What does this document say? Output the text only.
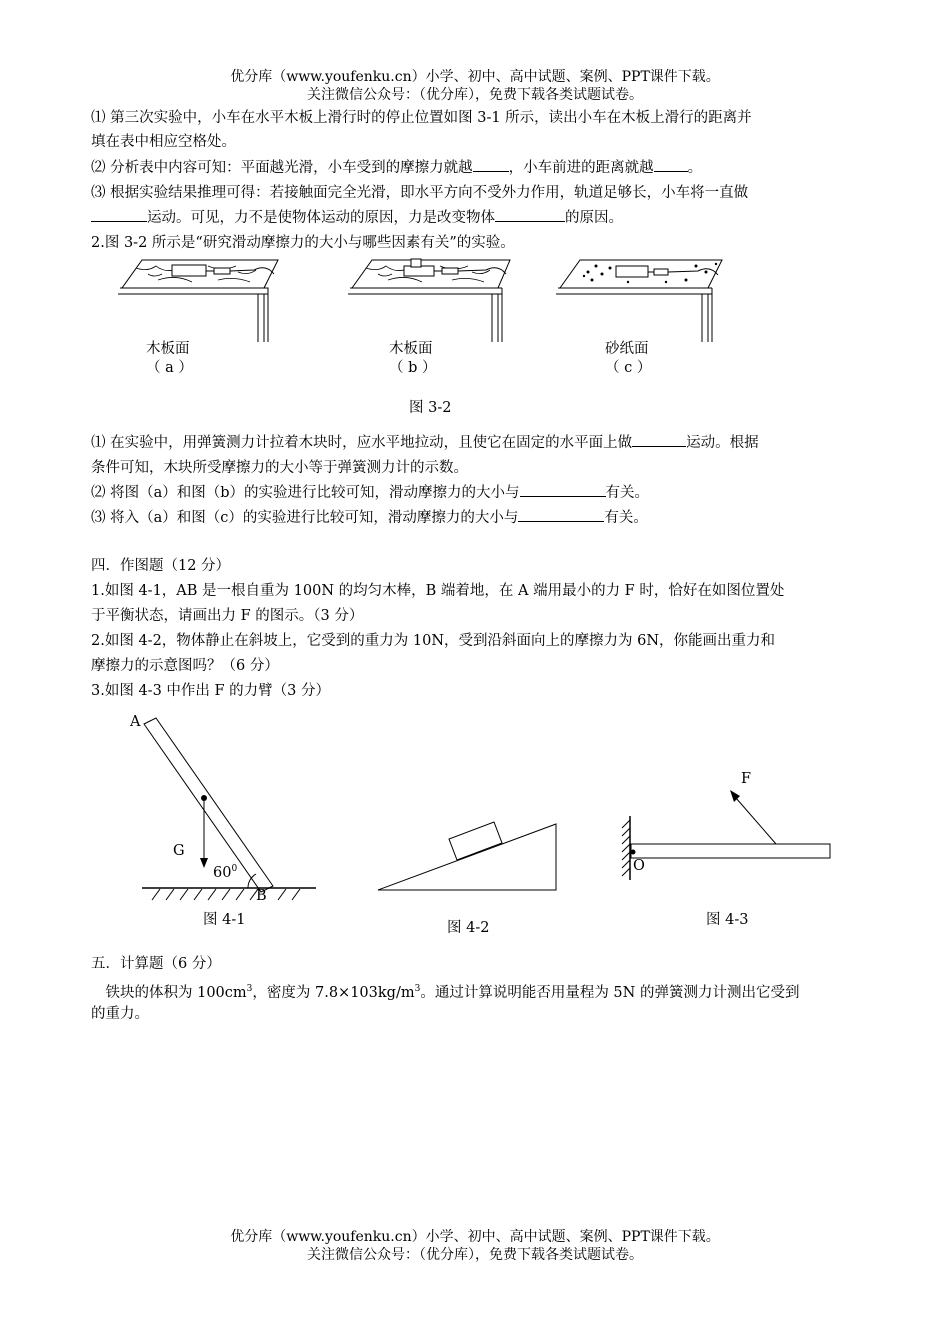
优分库（www.youfenku.cn）小学、初中、高中试题、案例、PPT课件下载。
关注微信公众号：（优分库），免费下载各类试题试卷。
⑴ 第三次实验中，小车在水平木板上滑行时的停止位置如图 3-1 所示，读出小车在木板上滑行的距离并
填在表中相应空格处。
⑵ 分析表中内容可知：平面越光滑，小车受到的摩擦力就越 ，小车前进的距离就越 。
⑶ 根据实验结果推理可得：若接触面完全光滑，即水平方向不受外力作用，轨道足够长，小车将一直做
运动。可见，力不是使物体运动的原因，力是改变物体	的原因。
2.图 3-2 所示是“研究滑动摩擦力的大小与哪些因素有关”的实验。
木板面
（ a ）
木板面
（ b ）
砂纸面
（ c ）
图 3-2
⑴ 在实验中，用弹簧测力计拉着木块时，应水平地拉动，且使它在固定的水平面上做	运动。根据
条件可知，木块所受摩擦力的大小等于弹簧测力计的示数。
⑵ 将图（a）和图（b）的实验进行比较可知，滑动摩擦力的大小与	有关。
⑶ 将入（a）和图（c）的实验进行比较可知，滑动摩擦力的大小与	有关。
四．作图题（12 分）
1.如图 4-1，AB 是一根自重为 100N 的均匀木棒，B 端着地，在 A 端用最小的力 F 时，恰好在如图位置处
于平衡状态，请画出力 F 的图示。（3 分）
2.如图 4-2，物体静止在斜坡上，它受到的重力为 10N，受到沿斜面向上的摩擦力为 6N，你能画出重力和
摩擦力的示意图吗？（6 分）
3.如图 4-3 中作出 F 的力臂（3 分）
A
B
G
$60^0$
图 4-1	图 4-2
F
O
图 4-3
五．计算题（6 分）
　铁块的体积为 $100cm^3$，密度为 $7.8\times 103kg/m^3$。通过计算说明能否用量程为 5N 的弹簧测力计测出它受到
的重力。
优分库（www.youfenku.cn）小学、初中、高中试题、案例、PPT课件下载。
关注微信公众号：（优分库），免费下载各类试题试卷。
